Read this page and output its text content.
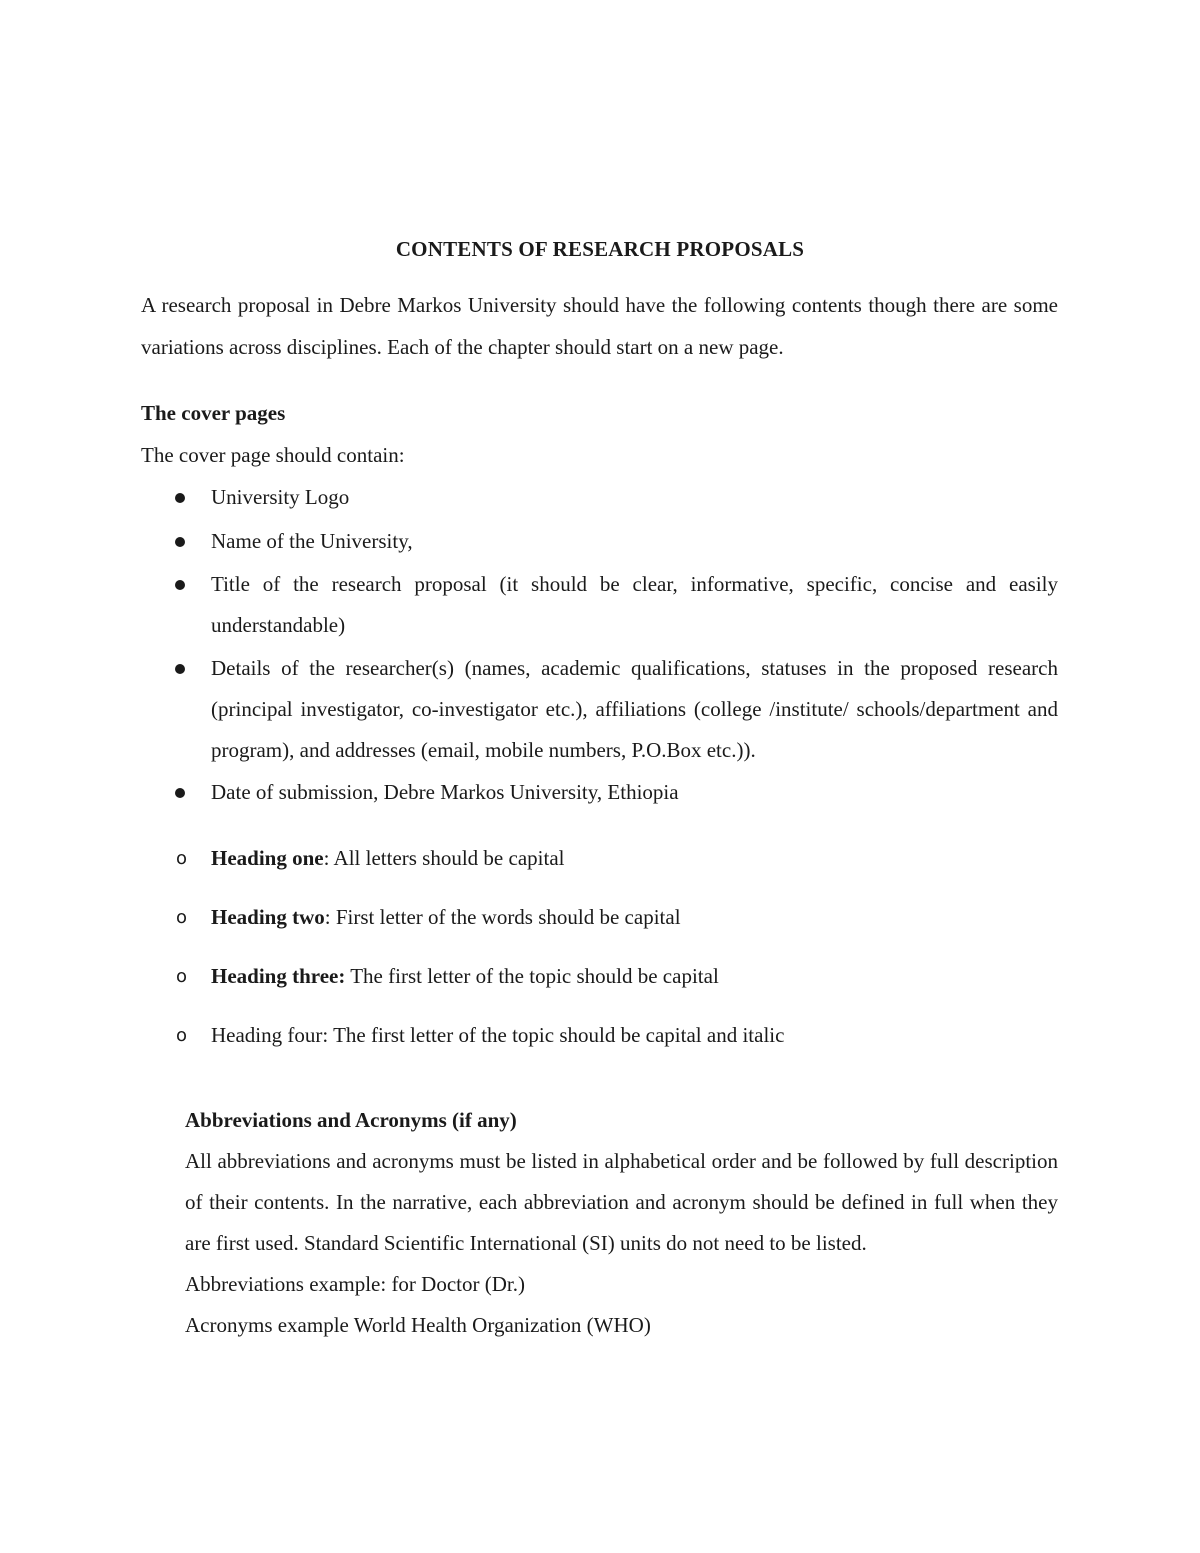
CONTENTS OF RESEARCH PROPOSALS

A research proposal in Debre Markos University should have the following contents though there are some variations across disciplines. Each of the chapter should start on a new page.

The cover pages

The cover page should contain:

University Logo
Name of the University,
Title of the research proposal (it should be clear, informative, specific, concise and easily understandable)
Details of the researcher(s) (names, academic qualifications, statuses in the proposed research (principal investigator, co-investigator etc.), affiliations (college /institute/ schools/department and program), and addresses (email, mobile numbers, P.O.Box etc.)).
Date of submission, Debre Markos University, Ethiopia
o Heading one: All letters should be capital
o Heading two: First letter of the words should be capital
o Heading three: The first letter of the topic should be capital
o Heading four: The first letter of the topic should be capital and italic

Abbreviations and Acronyms (if any)

All abbreviations and acronyms must be listed in alphabetical order and be followed by full description of their contents. In the narrative, each abbreviation and acronym should be defined in full when they are first used. Standard Scientific International (SI) units do not need to be listed.

Abbreviations example: for Doctor (Dr.)

Acronyms example World Health Organization (WHO)
